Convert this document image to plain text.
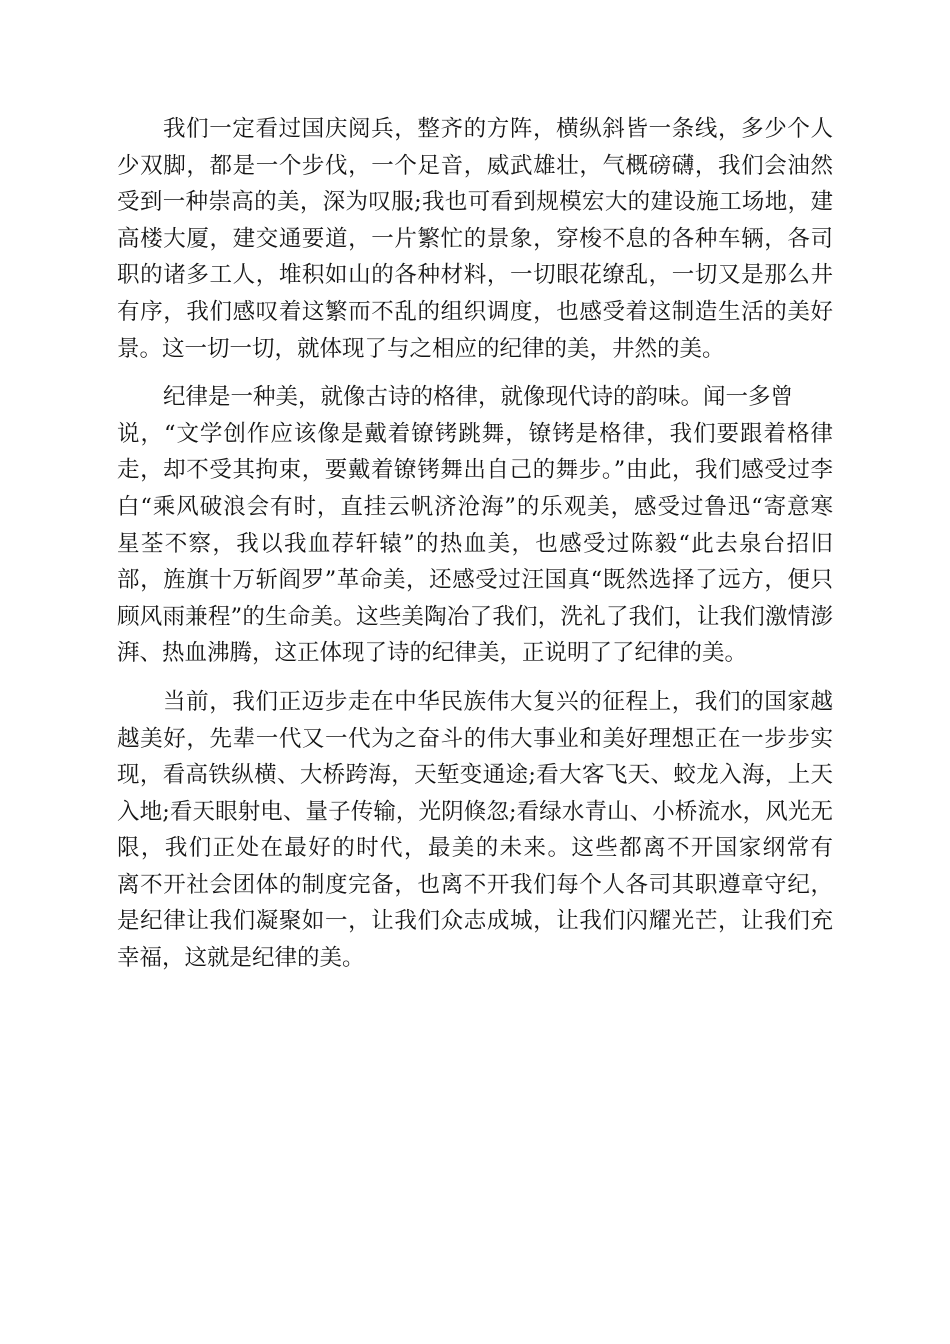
我们一定看过国庆阅兵，整齐的方阵，横纵斜皆一条线，多少个人
少双脚，都是一个步伐，一个足音，威武雄壮，气概磅礴，我们会油然
受到一种崇高的美，深为叹服;我也可看到规模宏大的建设施工场地，建
高楼大厦，建交通要道，一片繁忙的景象，穿梭不息的各种车辆，各司
职的诸多工人，堆积如山的各种材料，一切眼花缭乱，一切又是那么井
有序，我们感叹着这繁而不乱的组织调度，也感受着这制造生活的美好
景。这一切一切，就体现了与之相应的纪律的美，井然的美。
纪律是一种美，就像古诗的格律，就像现代诗的韵味。闻一多曾
说，“文学创作应该像是戴着镣铐跳舞，镣铐是格律，我们要跟着格律
走，却不受其拘束，要戴着镣铐舞出自己的舞步。”由此，我们感受过李
白“乘风破浪会有时，直挂云帆济沧海”的乐观美，感受过鲁迅“寄意寒
星荃不察，我以我血荐轩辕”的热血美，也感受过陈毅“此去泉台招旧
部，旌旗十万斩阎罗”革命美，还感受过汪国真“既然选择了远方，便只
顾风雨兼程”的生命美。这些美陶冶了我们，洗礼了我们，让我们激情澎
湃、热血沸腾，这正体现了诗的纪律美，正说明了了纪律的美。
当前，我们正迈步走在中华民族伟大复兴的征程上，我们的国家越
越美好，先辈一代又一代为之奋斗的伟大事业和美好理想正在一步步实
现，看高铁纵横、大桥跨海，天堑变通途;看大客飞天、蛟龙入海，上天
入地;看天眼射电、量子传输，光阴倏忽;看绿水青山、小桥流水，风光无
限，我们正处在最好的时代，最美的未来。这些都离不开国家纲常有
离不开社会团体的制度完备，也离不开我们每个人各司其职遵章守纪，
是纪律让我们凝聚如一，让我们众志成城，让我们闪耀光芒，让我们充
幸福，这就是纪律的美。
